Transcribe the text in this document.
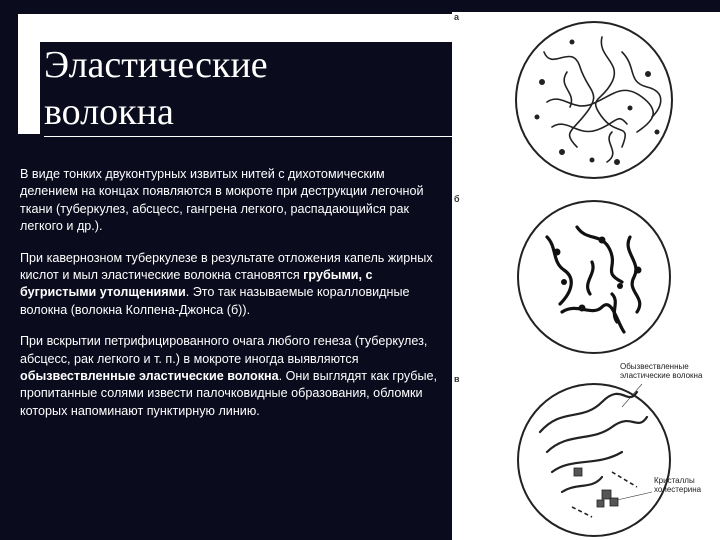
Эластические
волокна

В виде тонких двуконтурных извитых нитей с дихотомическим делением на концах появляются в мокроте при деструкции легочной ткани (туберкулез, абсцесс, гангрена легкого, распадающийся рак легкого и др.).

При кавернозном туберкулезе в результате отложения капель жирных кислот и мыл эластические волокна становятся грубыми, с бугристыми утолщениями. Это так называемые коралловидные волокна (волокна Колпена-Джонса (б)).

При вскрытии петрифицированного очага любого генеза (туберкулез, абсцесс, рак легкого и т. п.) в мокроте иногда выявляются обызвествленные эластические волокна. Они выглядят как грубые, пропитанные солями извести палочковидные образования, обломки которых напоминают пунктирную линию.

а
б
в
Обызвествленные эластические волокна
Кристаллы холестерина
